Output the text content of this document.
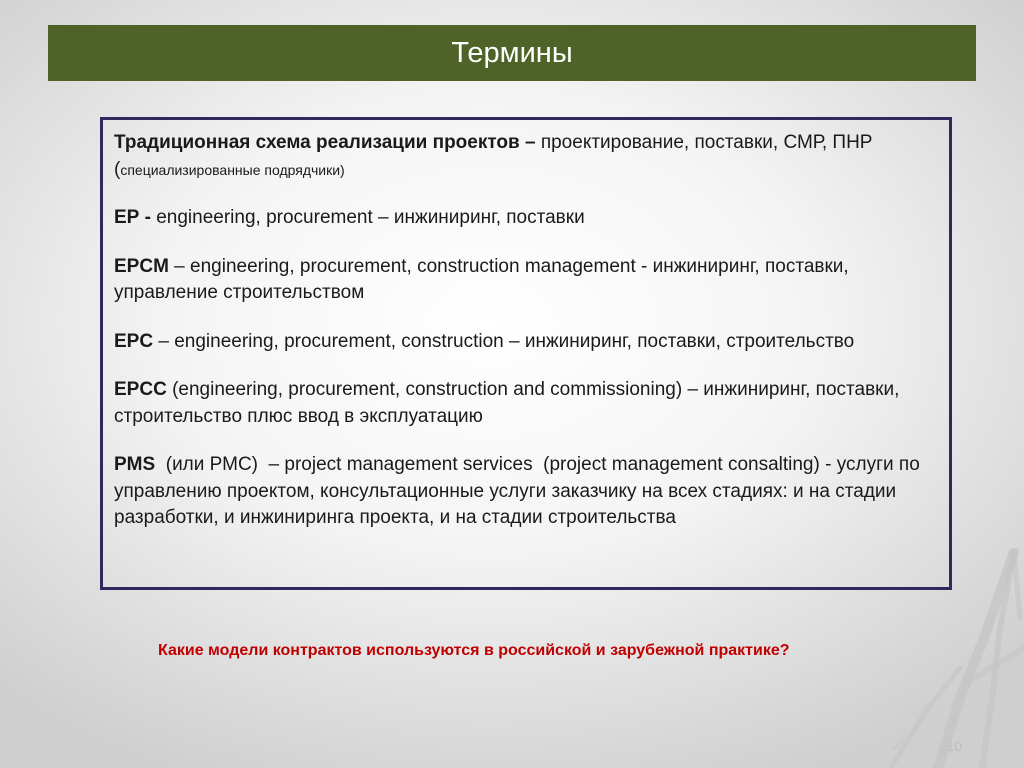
Термины

Традиционная схема реализации проектов – проектирование, поставки, СМР, ПНР (специализированные подрядчики)

ЕР - engineering, procurement – инжиниринг, поставки

EPCM – engineering, procurement, construction management - инжиниринг, поставки, управление строительством

EPC – engineering, procurement, construction – инжиниринг, поставки, строительство

EPCC (engineering, procurement, construction and commissioning) – инжиниринг, поставки, строительство плюс ввод в эксплуатацию

PMS  (или РМС)  – project management services  (project management consalting) - услуги по управлению проектом, консультационные услуги заказчику на всех стадиях: и на стадии разработки, и инжиниринга проекта, и на стадии строительства

Какие модели контрактов используются в российской и зарубежной практике?
10
